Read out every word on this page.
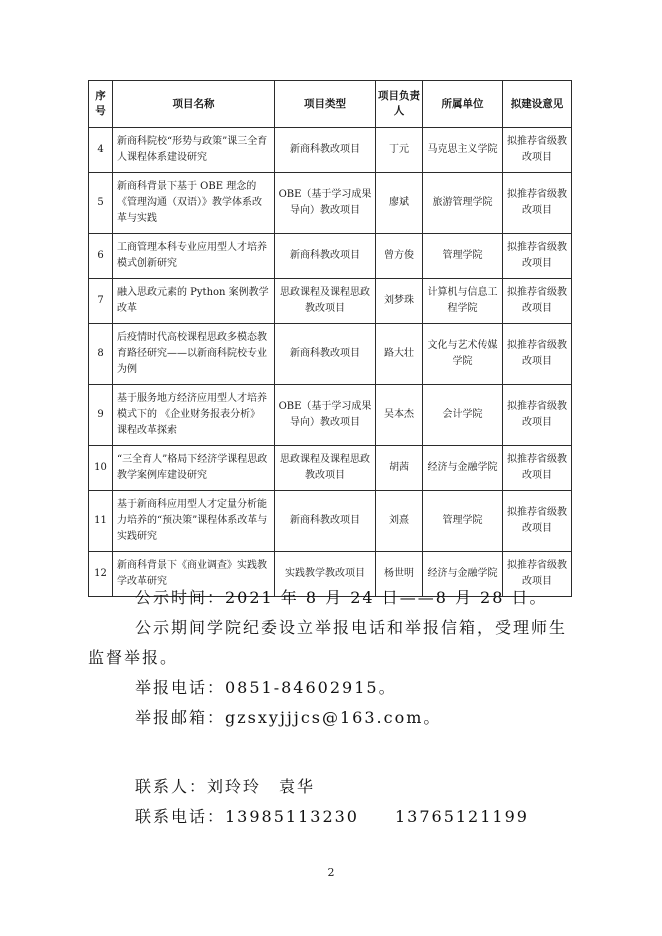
序号	项目名称	项目类型	项目负责人	所属单位	拟建设意见
4	新商科院校“形势与政策”课三全育人课程体系建设研究	新商科教改项目	丁元	马克思主义学院	拟推荐省级教改项目
5	新商科背景下基于 OBE 理念的《管理沟通（双语）》教学体系改革与实践	OBE（基于学习成果导向）教改项目	廖斌	旅游管理学院	拟推荐省级教改项目
6	工商管理本科专业应用型人才培养模式创新研究	新商科教改项目	曾方俊	管理学院	拟推荐省级教改项目
7	融入思政元素的 Python 案例教学改革	思政课程及课程思政教改项目	刘梦珠	计算机与信息工程学院	拟推荐省级教改项目
8	后疫情时代高校课程思政多模态教育路径研究——以新商科院校专业为例	新商科教改项目	路大壮	文化与艺术传媒学院	拟推荐省级教改项目
9	基于服务地方经济应用型人才培养模式下的 《企业财务报表分析》课程改革探索	OBE（基于学习成果导向）教改项目	吴本杰	会计学院	拟推荐省级教改项目
10	“三全育人”格局下经济学课程思政教学案例库建设研究	思政课程及课程思政教改项目	胡茜	经济与金融学院	拟推荐省级教改项目
11	基于新商科应用型人才定量分析能力培养的“预决策”课程体系改革与实践研究	新商科教改项目	刘熹	管理学院	拟推荐省级教改项目
12	新商科背景下《商业调查》实践教学改革研究	实践教学教改项目	杨世明	经济与金融学院	拟推荐省级教改项目

公示时间：2021 年 8 月 24 日——8 月 28 日。

公示期间学院纪委设立举报电话和举报信箱，受理师生监督举报。

举报电话：0851-84602915。

举报邮箱：gzsxyjjjcs@163.com。

联系人：刘玲玲　袁华

联系电话：13985113230　　13765121199

2
